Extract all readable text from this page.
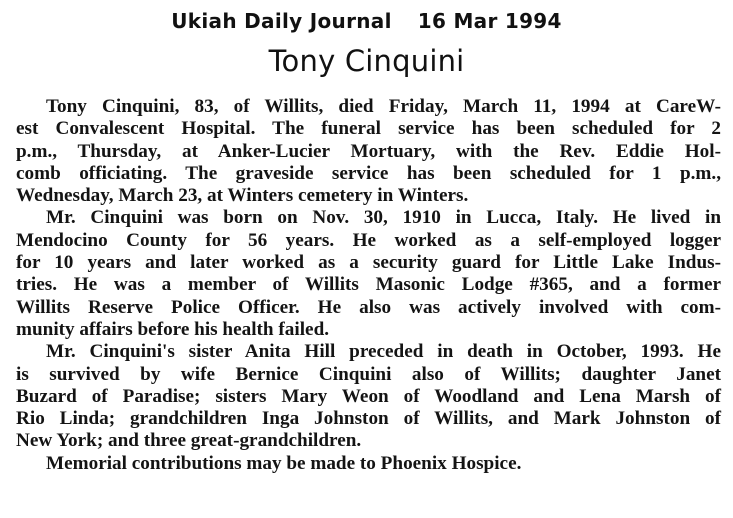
Ukiah Daily Journal 16 Mar 1994
Tony Cinquini
Tony Cinquini, 83, of Willits, died Friday, March 11, 1994 at CareW-
est Convalescent Hospital. The funeral service has been scheduled for 2
p.m., Thursday, at Anker-Lucier Mortuary, with the Rev. Eddie Hol-
comb officiating. The graveside service has been scheduled for 1 p.m.,
Wednesday, March 23, at Winters cemetery in Winters.
Mr. Cinquini was born on Nov. 30, 1910 in Lucca, Italy. He lived in
Mendocino County for 56 years. He worked as a self-employed logger
for 10 years and later worked as a security guard for Little Lake Indus-
tries. He was a member of Willits Masonic Lodge #365, and a former
Willits Reserve Police Officer. He also was actively involved with com-
munity affairs before his health failed.
Mr. Cinquini's sister Anita Hill preceded in death in October, 1993. He
is survived by wife Bernice Cinquini also of Willits; daughter Janet
Buzard of Paradise; sisters Mary Weon of Woodland and Lena Marsh of
Rio Linda; grandchildren Inga Johnston of Willits, and Mark Johnston of
New York; and three great-grandchildren.
Memorial contributions may be made to Phoenix Hospice.
